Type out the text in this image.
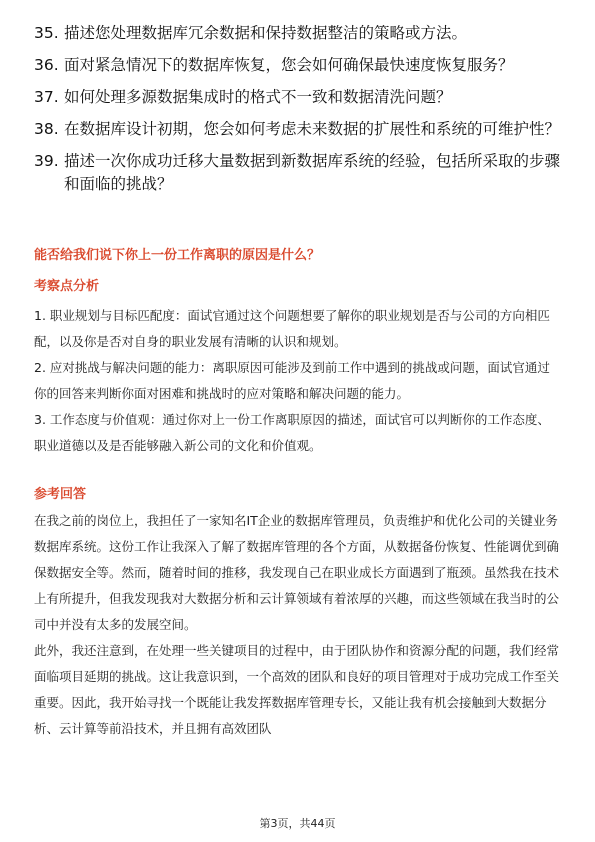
35. 描述您处理数据库冗余数据和保持数据整洁的策略或方法。
36. 面对紧急情况下的数据库恢复，您会如何确保最快速度恢复服务？
37. 如何处理多源数据集成时的格式不一致和数据清洗问题？
38. 在数据库设计初期，您会如何考虑未来数据的扩展性和系统的可维护性？
39. 描述一次你成功迁移大量数据到新数据库系统的经验，包括所采取的步骤和面临的挑战？
能否给我们说下你上一份工作离职的原因是什么？
考察点分析

1. 职业规划与目标匹配度：面试官通过这个问题想要了解你的职业规划是否与公司的方向相匹配，以及你是否对自身的职业发展有清晰的认识和规划。

2. 应对挑战与解决问题的能力：离职原因可能涉及到前工作中遇到的挑战或问题，面试官通过你的回答来判断你面对困难和挑战时的应对策略和解决问题的能力。

3. 工作态度与价值观：通过你对上一份工作离职原因的描述，面试官可以判断你的工作态度、职业道德以及是否能够融入新公司的文化和价值观。

参考回答

在我之前的岗位上，我担任了一家知名IT企业的数据库管理员，负责维护和优化公司的关键业务数据库系统。这份工作让我深入了解了数据库管理的各个方面，从数据备份恢复、性能调优到确保数据安全等。然而，随着时间的推移，我发现自己在职业成长方面遇到了瓶颈。虽然我在技术上有所提升，但我发现我对大数据分析和云计算领域有着浓厚的兴趣，而这些领域在我当时的公司中并没有太多的发展空间。

此外，我还注意到，在处理一些关键项目的过程中，由于团队协作和资源分配的问题，我们经常面临项目延期的挑战。这让我意识到，一个高效的团队和良好的项目管理对于成功完成工作至关重要。因此，我开始寻找一个既能让我发挥数据库管理专长，又能让我有机会接触到大数据分析、云计算等前沿技术，并且拥有高效团队

第3页，共44页
